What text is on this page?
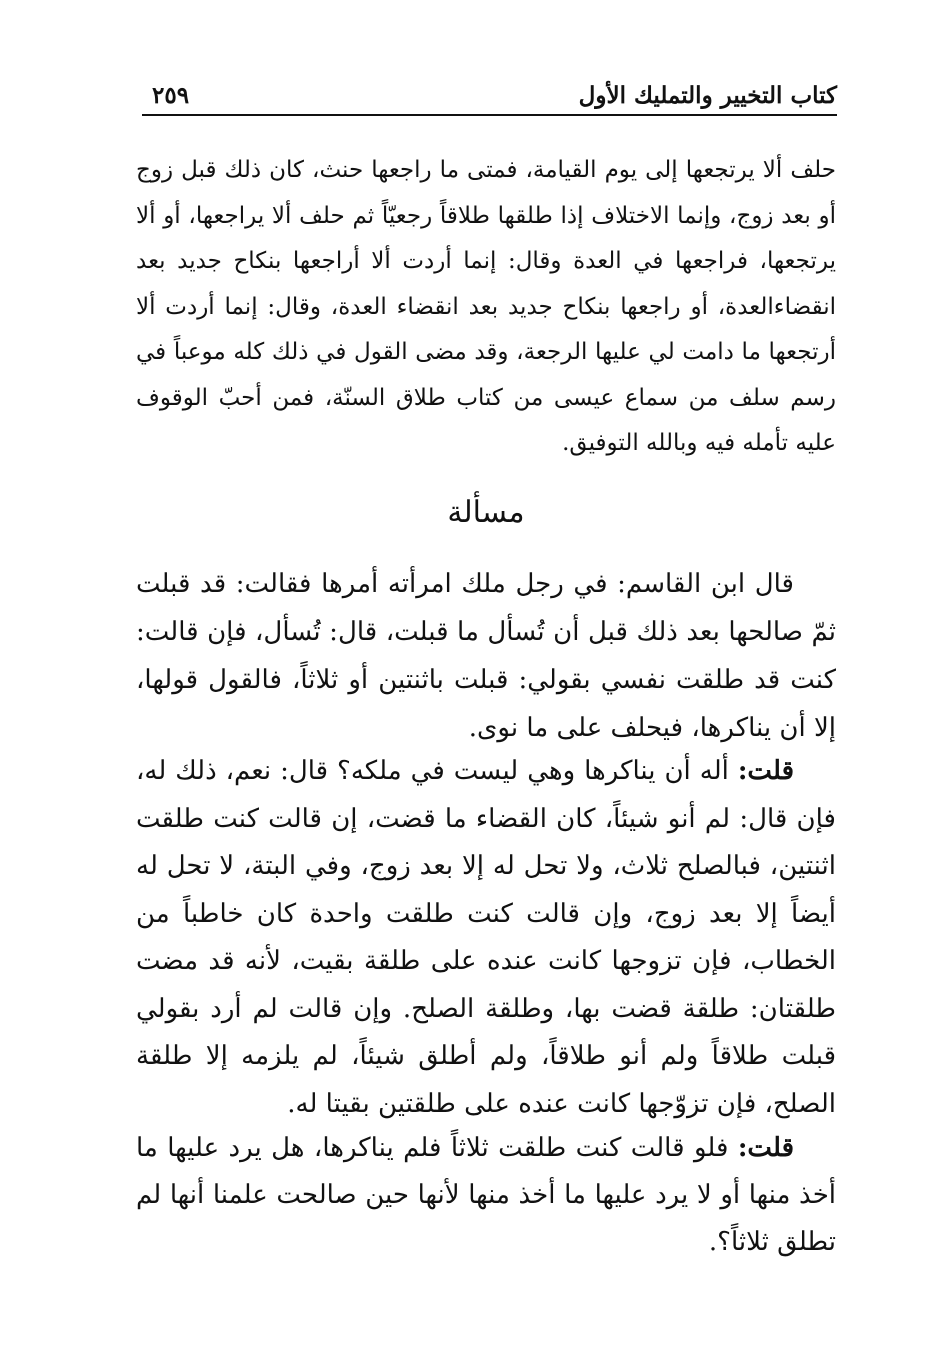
كتاب التخيير والتمليك الأول
٢٥٩

حلف ألا يرتجعها إلى يوم القيامة، فمتى ما راجعها حنث، كان ذلك قبل زوج أو بعد زوج، وإنما الاختلاف إذا طلقها طلاقاً رجعيّاً ثم حلف ألا يراجعها، أو ألا يرتجعها، فراجعها في العدة وقال: إنما أردت ألا أراجعها بنكاح جديد بعد انقضاءالعدة، أو راجعها بنكاح جديد بعد انقضاء العدة، وقال: إنما أردت ألا أرتجعها ما دامت لي عليها الرجعة، وقد مضى القول في ذلك كله موعباً في رسم سلف من سماع عيسى من كتاب طلاق السنّة، فمن أحبّ الوقوف عليه تأمله فيه وبالله التوفيق.

مسألة

قال ابن القاسم: في رجل ملك امرأته أمرها فقالت: قد قبلت ثمّ صالحها بعد ذلك قبل أن تُسأل ما قبلت، قال: تُسأل، فإن قالت: كنت قد طلقت نفسي بقولي: قبلت باثنتين أو ثلاثاً، فالقول قولها، إلا أن يناكرها، فيحلف على ما نوى.

قلت: أله أن يناكرها وهي ليست في ملكه؟ قال: نعم، ذلك له، فإن قال: لم أنو شيئاً، كان القضاء ما قضت، إن قالت كنت طلقت اثنتين، فبالصلح ثلاث، ولا تحل له إلا بعد زوج، وفي البتة، لا تحل له أيضاً إلا بعد زوج، وإن قالت كنت طلقت واحدة كان خاطباً من الخطاب، فإن تزوجها كانت عنده على طلقة بقيت، لأنه قد مضت طلقتان: طلقة قضت بها، وطلقة الصلح. وإن قالت لم أرد بقولي قبلت طلاقاً ولم أنو طلاقاً، ولم أطلق شيئاً، لم يلزمه إلا طلقة الصلح، فإن تزوّجها كانت عنده على طلقتين بقيتا له.

قلت: فلو قالت كنت طلقت ثلاثاً فلم يناكرها، هل يرد عليها ما أخذ منها أو لا يرد عليها ما أخذ منها لأنها حين صالحت علمنا أنها لم تطلق ثلاثاً؟.
